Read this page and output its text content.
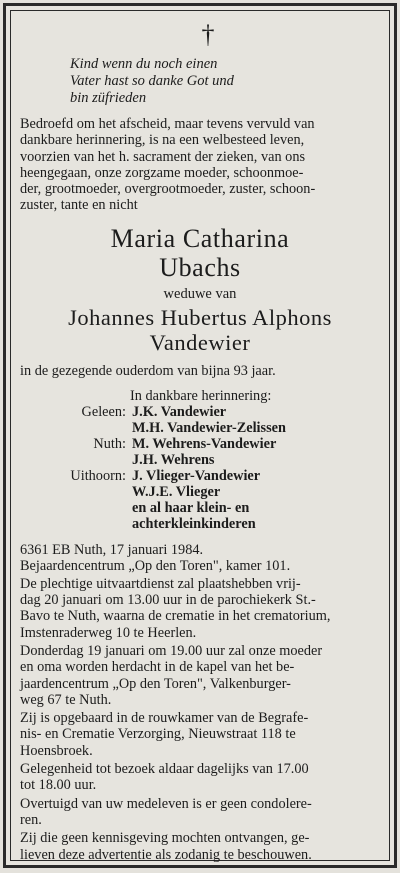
†
Kind wenn du noch einen
Vater hast so danke Got und
bin züfrieden

Bedroefd om het afscheid, maar tevens vervuld van
dankbare herinnering, is na een welbesteed leven,
voorzien van het h. sacrament der zieken, van ons
heengegaan, onze zorgzame moeder, schoonmoe-
der, grootmoeder, overgrootmoeder, zuster, schoon-
zuster, tante en nicht

Maria Catharina
Ubachs
weduwe van
Johannes Hubertus Alphons
Vandewier
in de gezegende ouderdom van bijna 93 jaar.
In dankbare herinnering:
Geleen: J.K. Vandewier
M.H. Vandewier-Zelissen
Nuth: M. Wehrens-Vandewier
J.H. Wehrens
Uithoorn: J. Vlieger-Vandewier
W.J.E. Vlieger
en al haar klein- en
achterkleinkinderen
6361 EB Nuth, 17 januari 1984.
Bejaardencentrum „Op den Toren", kamer 101.

De plechtige uitvaartdienst zal plaatshebben vrij-
dag 20 januari om 13.00 uur in de parochiekerk St.-
Bavo te Nuth, waarna de crematie in het crematorium,
Imstenraderweg 10 te Heerlen.

Donderdag 19 januari om 19.00 uur zal onze moeder
en oma worden herdacht in de kapel van het be-
jaardencentrum „Op den Toren", Valkenburger-
weg 67 te Nuth.

Zij is opgebaard in de rouwkamer van de Begrafe-
nis- en Crematie Verzorging, Nieuwstraat 118 te
Hoensbroek.

Gelegenheid tot bezoek aldaar dagelijks van 17.00
tot 18.00 uur.

Overtuigd van uw medeleven is er geen condolere-
ren.

Zij die geen kennisgeving mochten ontvangen, ge-
lieven deze advertentie als zodanig te beschouwen.
